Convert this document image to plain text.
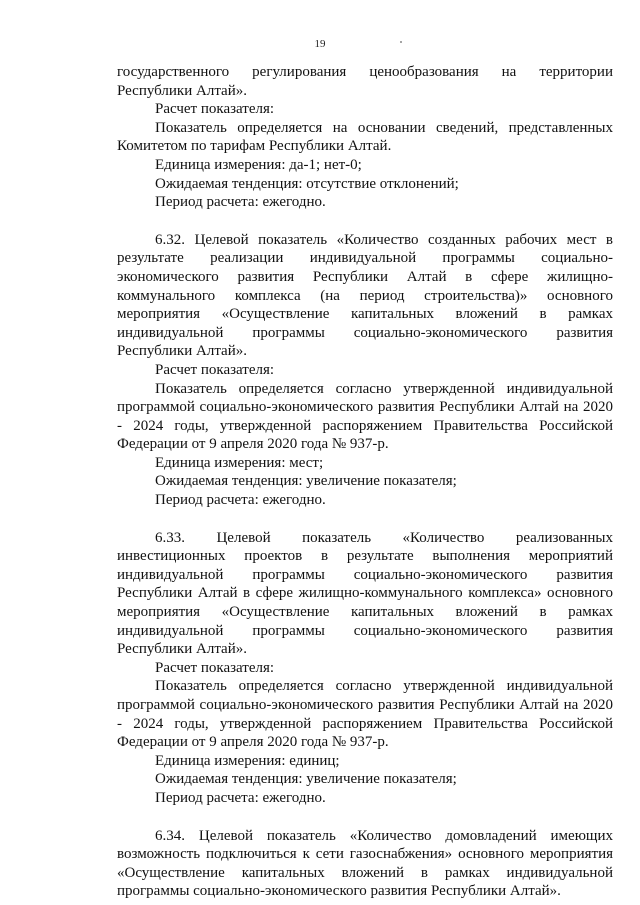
19

государственного регулирования ценообразования на территории Республики Алтай».

Расчет показателя:

Показатель определяется на основании сведений, представленных Комитетом по тарифам Республики Алтай.

Единица измерения: да-1; нет-0;

Ожидаемая тенденция: отсутствие отклонений;

Период расчета: ежегодно.

6.32. Целевой показатель «Количество созданных рабочих мест в результате реализации индивидуальной программы социально-экономического развития Республики Алтай в сфере жилищно-коммунального комплекса (на период строительства)» основного мероприятия «Осуществление капитальных вложений в рамках индивидуальной программы социально-экономического развития Республики Алтай».

Расчет показателя:

Показатель определяется согласно утвержденной индивидуальной программой социально-экономического развития Республики Алтай на 2020 - 2024 годы, утвержденной распоряжением Правительства Российской Федерации от 9 апреля 2020 года № 937-р.

Единица измерения: мест;

Ожидаемая тенденция: увеличение показателя;

Период расчета: ежегодно.

6.33. Целевой показатель «Количество реализованных инвестиционных проектов в результате выполнения мероприятий индивидуальной программы социально-экономического развития Республики Алтай в сфере жилищно-коммунального комплекса» основного мероприятия «Осуществление капитальных вложений в рамках индивидуальной программы социально-экономического развития Республики Алтай».

Расчет показателя:

Показатель определяется согласно утвержденной индивидуальной программой социально-экономического развития Республики Алтай на 2020 - 2024 годы, утвержденной распоряжением Правительства Российской Федерации от 9 апреля 2020 года № 937-р.

Единица измерения: единиц;

Ожидаемая тенденция: увеличение показателя;

Период расчета: ежегодно.

6.34. Целевой показатель «Количество домовладений имеющих возможность подключиться к сети газоснабжения» основного мероприятия «Осуществление капитальных вложений в рамках индивидуальной программы социально-экономического развития Республики Алтай».
